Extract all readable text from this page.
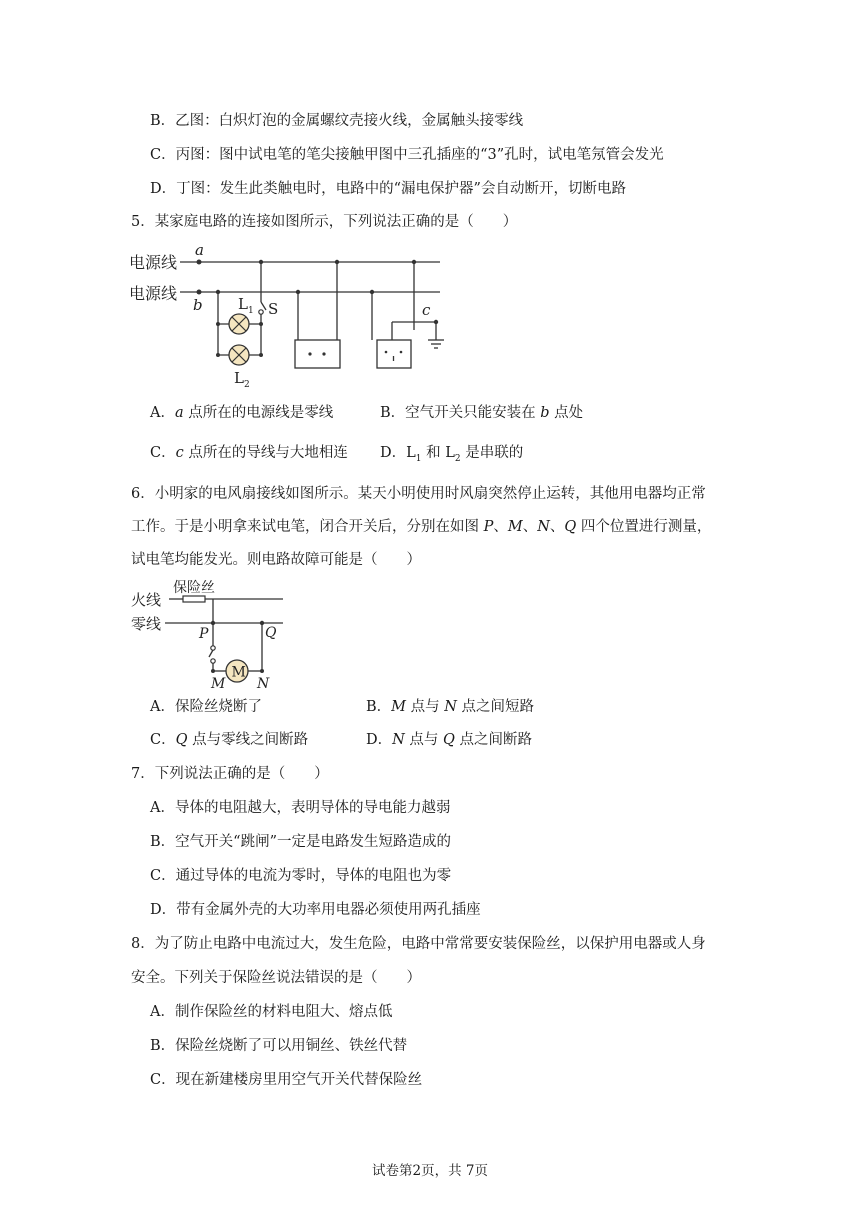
B．乙图：白炽灯泡的金属螺纹壳接火线，金属触头接零线
C．丙图：图中试电笔的笔尖接触甲图中三孔插座的“3”孔时，试电笔氖管会发光
D．丁图：发生此类触电时，电路中的“漏电保护器”会自动断开，切断电路
5．某家庭电路的连接如图所示，下列说法正确的是（　　）
电源线
电源线
a
b	c
L 1 S
L 2
A．a 点所在的电源线是零线	B．空气开关只能安装在 b 点处
C．c 点所在的导线与大地相连 D．$L_1$ 和 $L_2$ 是串联的
6．小明家的电风扇接线如图所示。某天小明使用时风扇突然停止运转，其他用电器均正常
工作。于是小明拿来试电笔，闭合开关后，分别在如图 P、M、N、Q 四个位置进行测量，
试电笔均能发光。则电路故障可能是（　　）
M
火线
零线
保险丝
P	Q
M N
A．保险丝烧断了	B．M 点与 N 点之间短路
C．Q 点与零线之间断路	D．N 点与 Q 点之间断路
7．下列说法正确的是（　　）
A．导体的电阻越大，表明导体的导电能力越弱
B．空气开关“跳闸”一定是电路发生短路造成的
C．通过导体的电流为零时，导体的电阻也为零
D．带有金属外壳的大功率用电器必须使用两孔插座
8．为了防止电路中电流过大，发生危险，电路中常常要安装保险丝，以保护用电器或人身
安全。下列关于保险丝说法错误的是（　　）
A．制作保险丝的材料电阻大、熔点低
B．保险丝烧断了可以用铜丝、铁丝代替
C．现在新建楼房里用空气开关代替保险丝
试卷第2页，共 7页
